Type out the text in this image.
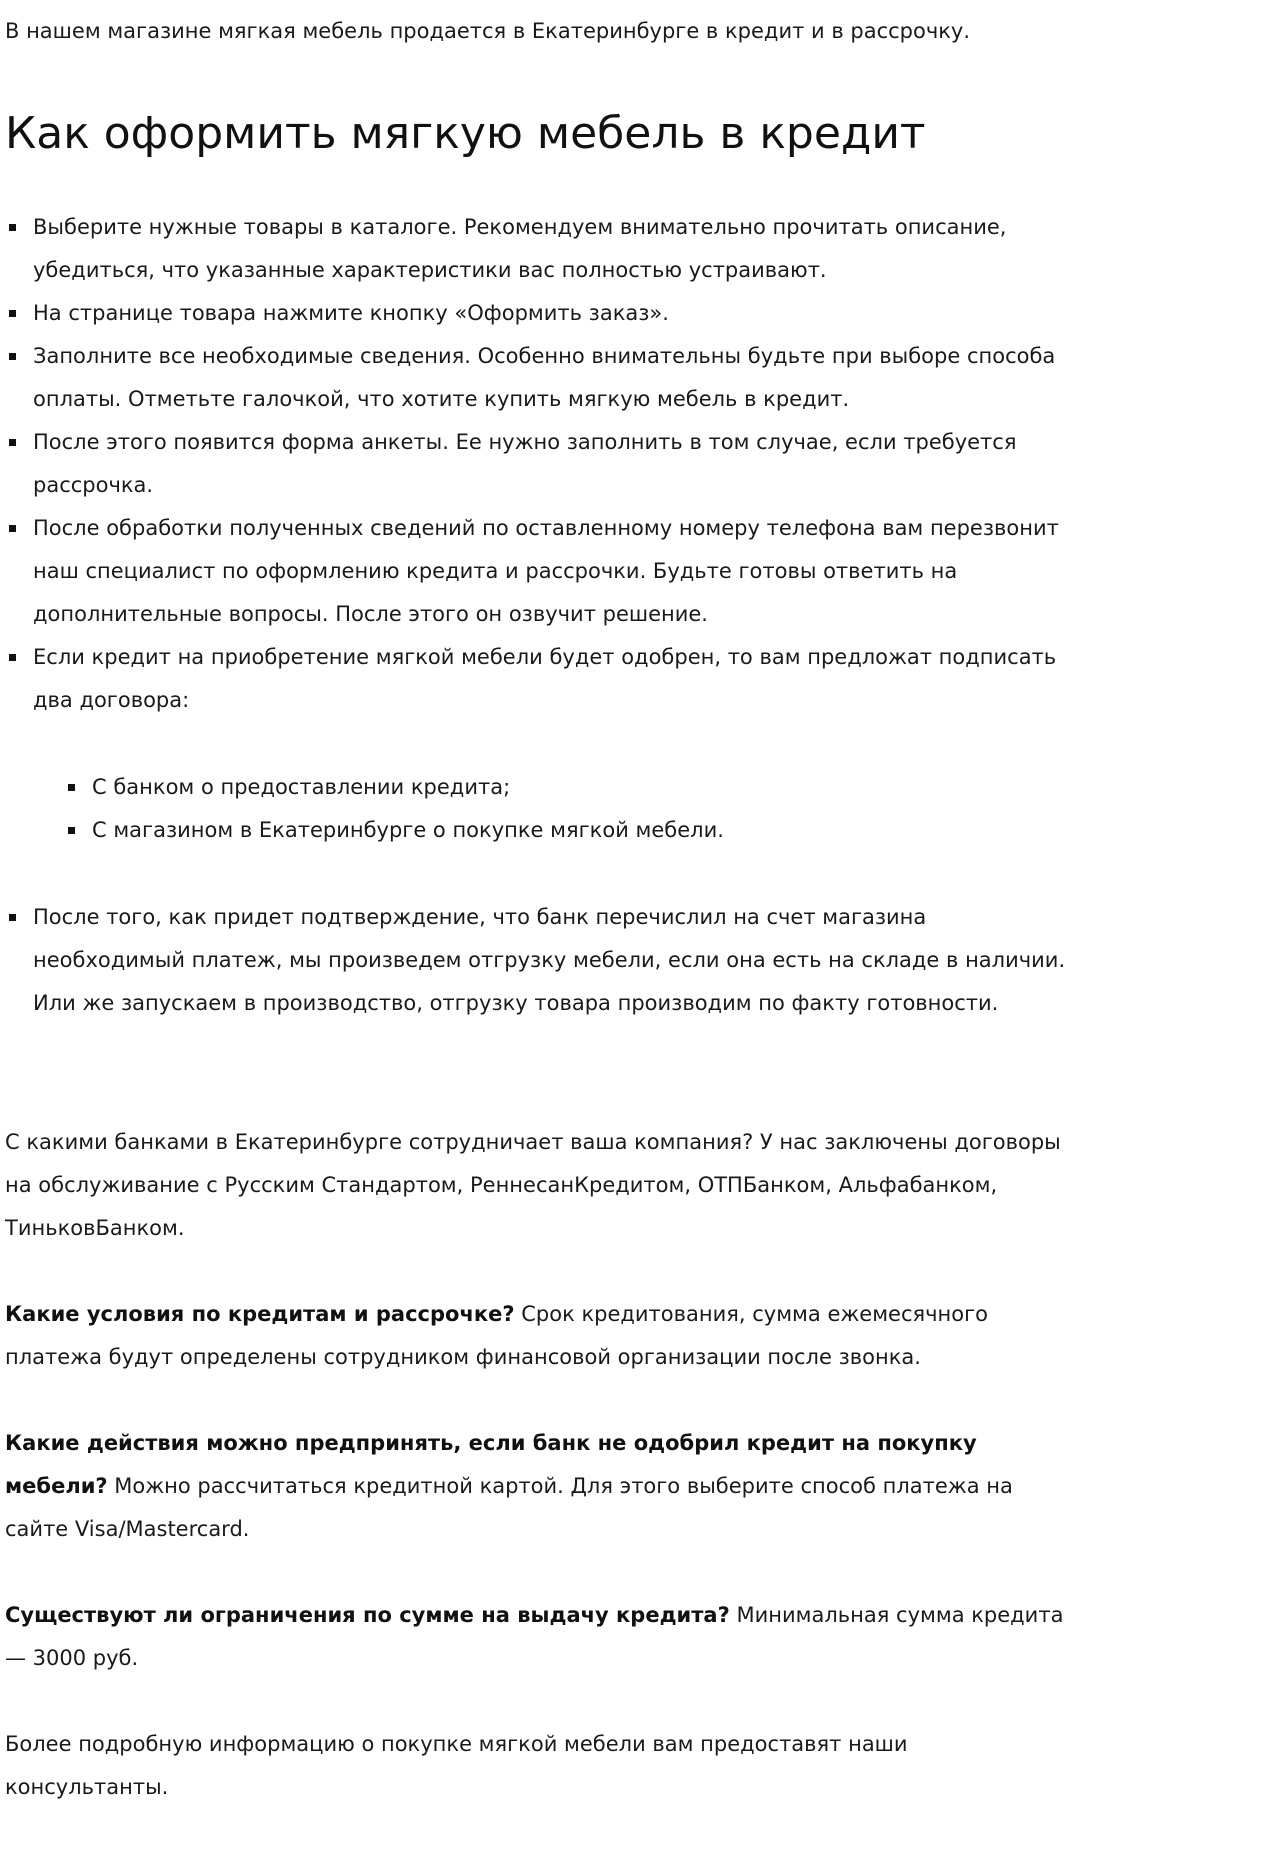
В нашем магазине мягкая мебель продается в Екатеринбурге в кредит и в рассрочку.

Как оформить мягкую мебель в кредит
Выберите нужные товары в каталоге. Рекомендуем внимательно прочитать описание, убедиться, что указанные характеристики вас полностью устраивают.
На странице товара нажмите кнопку «Оформить заказ».
Заполните все необходимые сведения. Особенно внимательны будьте при выборе способа оплаты. Отметьте галочкой, что хотите купить мягкую мебель в кредит.
После этого появится форма анкеты. Ее нужно заполнить в том случае, если требуется рассрочка.
После обработки полученных сведений по оставленному номеру телефона вам перезвонит наш специалист по оформлению кредита и рассрочки. Будьте готовы ответить на дополнительные вопросы. После этого он озвучит решение.
Если кредит на приобретение мягкой мебели будет одобрен, то вам предложат подписать два договора:
С банком о предоставлении кредита;
С магазином в Екатеринбурге о покупке мягкой мебели.
После того, как придет подтверждение, что банк перечислил на счет магазина необходимый платеж, мы произведем отгрузку мебели, если она есть на складе в наличии. Или же запускаем в производство, отгрузку товара производим по факту готовности.

С какими банками в Екатеринбурге сотрудничает ваша компания? У нас заключены договоры на обслуживание с Русским Стандартом, РеннесанКредитом, ОТПБанком, Альфабанком, ТиньковБанком.

Какие условия по кредитам и рассрочке? Срок кредитования, сумма ежемесячного платежа будут определены сотрудником финансовой организации после звонка.

Какие действия можно предпринять, если банк не одобрил кредит на покупку мебели? Можно рассчитаться кредитной картой. Для этого выберите способ платежа на сайте Visa/Mastercard.

Существуют ли ограничения по сумме на выдачу кредита? Минимальная сумма кредита — 3000 руб.

Более подробную информацию о покупке мягкой мебели вам предоставят наши консультанты.
